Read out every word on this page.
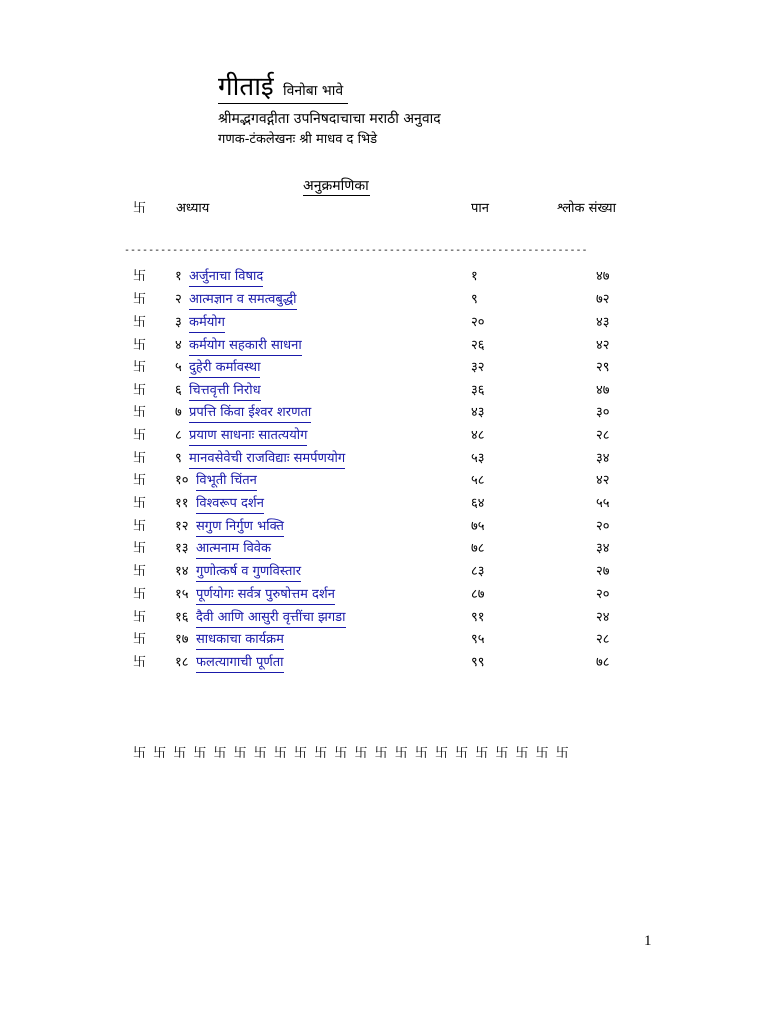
गीताई विनोबा भावे
श्रीमद्भगवद्गीता उपनिषदाचाचा मराठी अनुवाद
गणक-टंकलेखनः श्री माधव द भिडे
अनुक्रमणिका
卐 अध्याय	पान	श्लोक संख्या
-----------------------------------------------------------------------------
卐 १ अर्जुनाचा विषाद	१	४७
卐 २ आत्मज्ञान व समत्वबुद्धी	९	७२
卐 ३ कर्मयोग	२०	४३
卐 ४ कर्मयोग सहकारी साधना	२६	४२
卐 ५ दुहेरी कर्मावस्था	३२	२९
卐 ६ चित्तवृत्ती निरोध	३६	४७
卐 ७ प्रपत्ति किंवा ईश्वर शरणता	४३	३०
卐 ८ प्रयाण साधनाः सातत्ययोग	४८	२८
卐 ९ मानवसेवेची राजविद्याः समर्पणयोग	५३	३४
卐 १० विभूती चिंतन	५८	४२
卐 ११ विश्वरूप दर्शन	६४	५५
卐 १२ सगुण निर्गुण भक्ति	७५	२०
卐 १३ आत्मनाम विवेक	७८	३४
卐 १४ गुणोत्कर्ष व गुणविस्तार	८३	२७
卐 १५ पूर्णयोगः सर्वत्र पुरुषोत्तम दर्शन	८७	२०
卐 १६ दैवी आणि आसुरी वृत्तींचा झगडा	९१	२४
卐 १७ साधकाचा कार्यक्रम	९५	२८
卐 १८ फलत्यागाची पूर्णता	९९	७८
卐 卐 卐 卐 卐 卐 卐 卐 卐 卐 卐 卐 卐 卐 卐 卐 卐 卐 卐 卐 卐 卐
1
